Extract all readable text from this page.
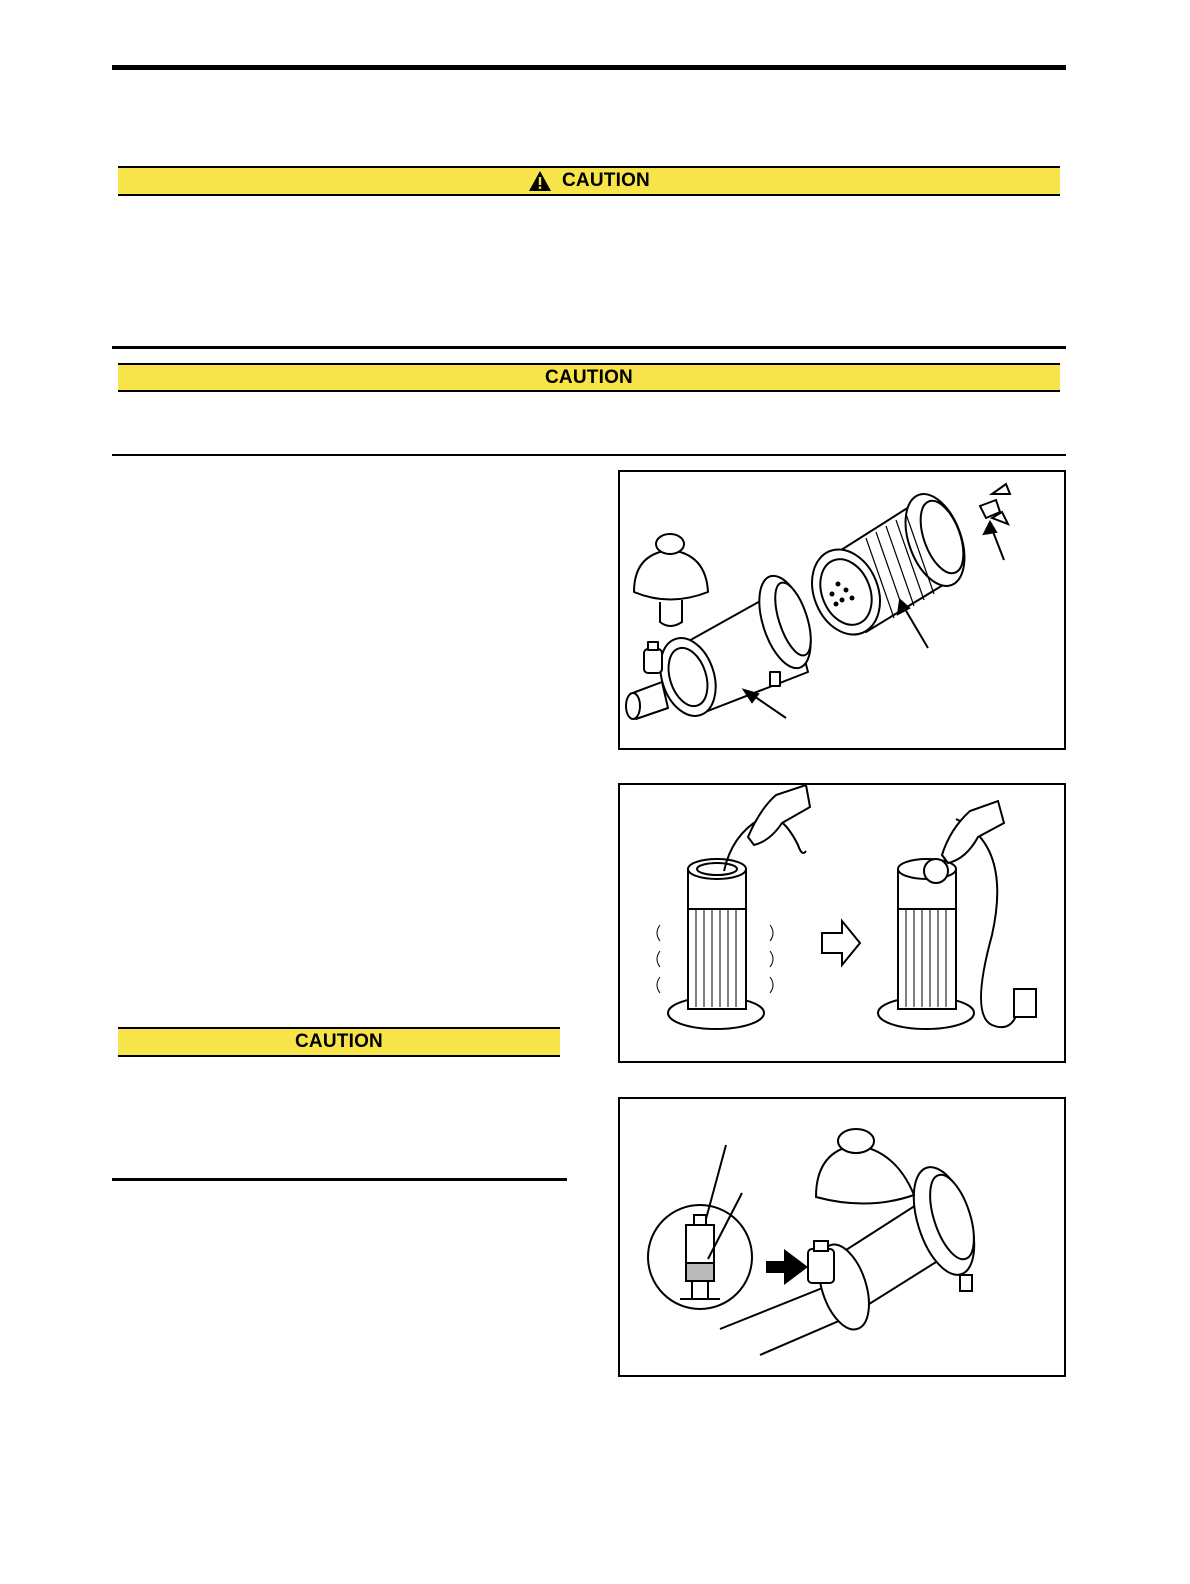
CAUTION
CAUTION
CAUTION
